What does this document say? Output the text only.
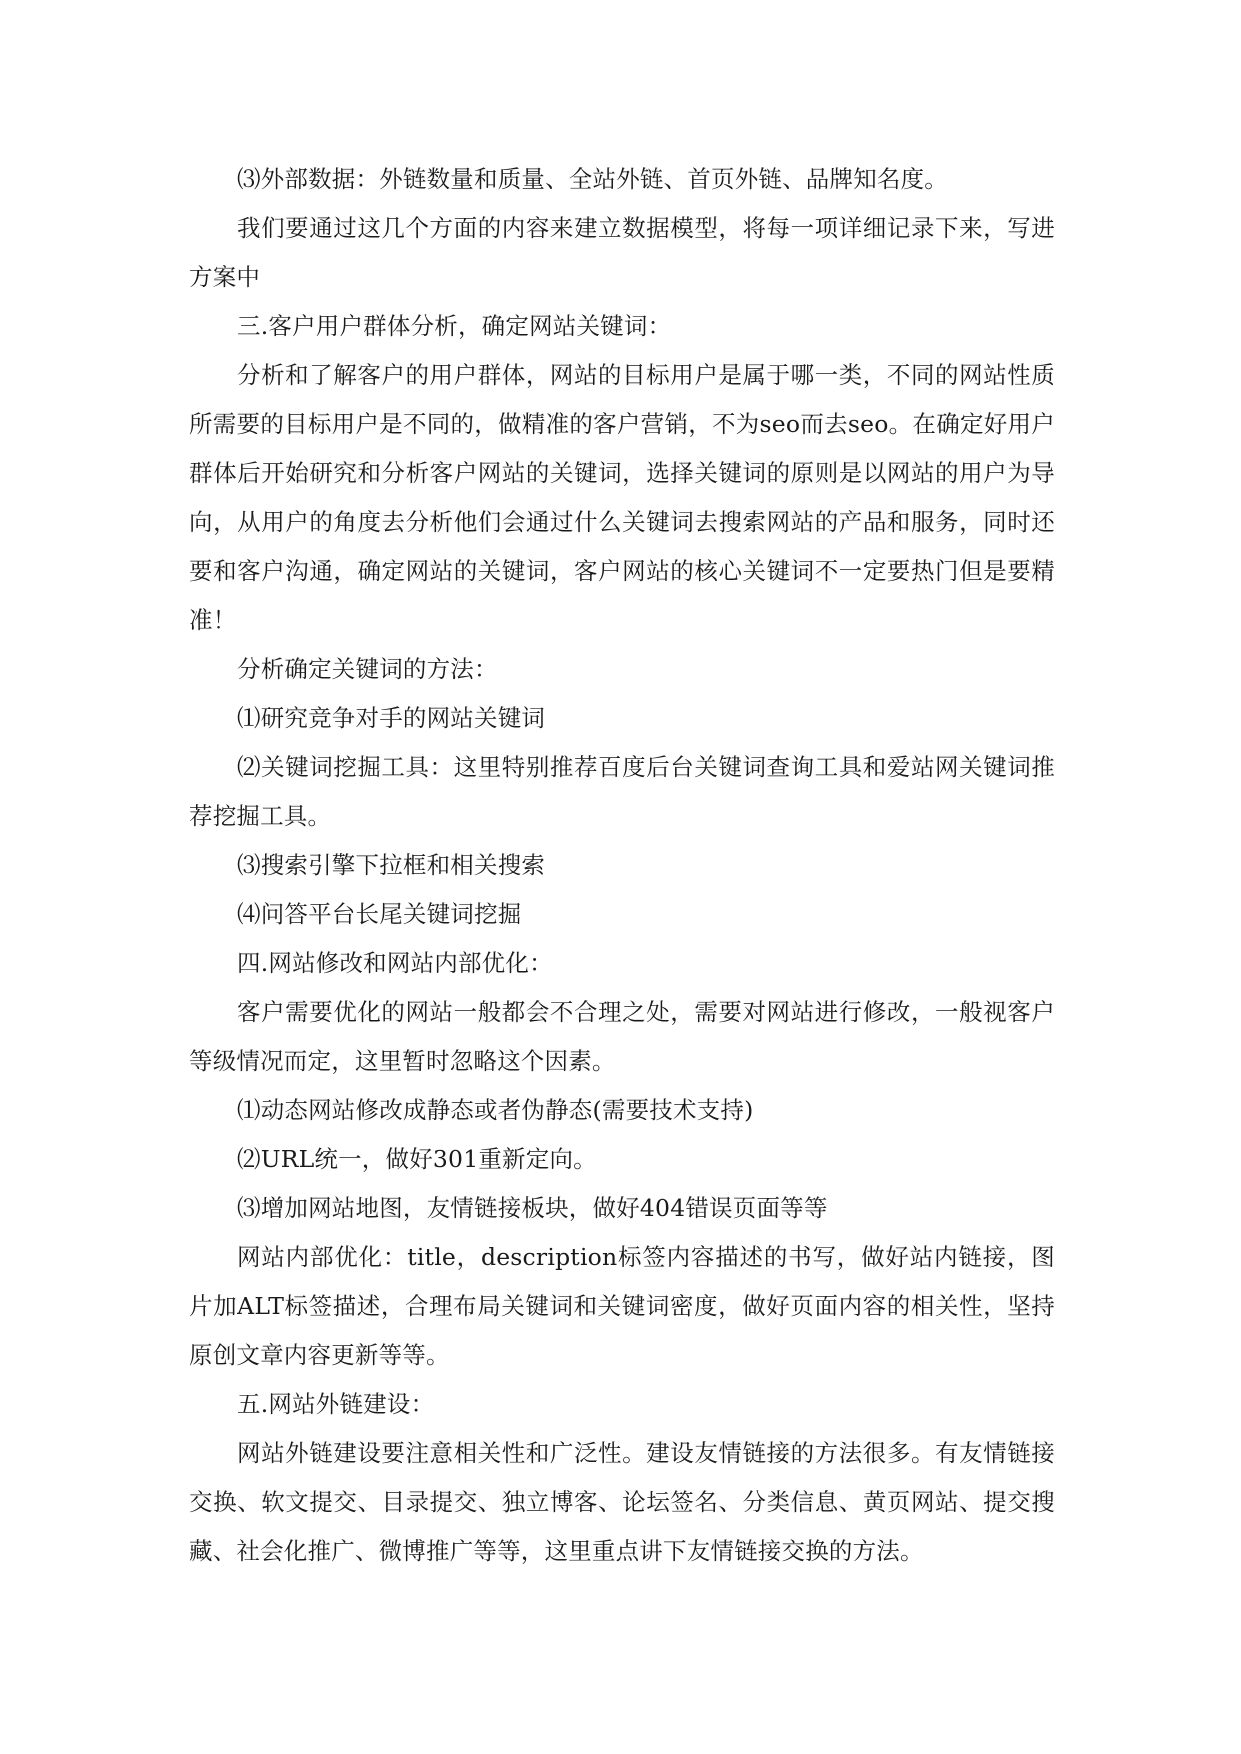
⑶外部数据：外链数量和质量、全站外链、首页外链、品牌知名度。

我们要通过这几个方面的内容来建立数据模型，将每一项详细记录下来，写进方案中

三.客户用户群体分析，确定网站关键词：

分析和了解客户的用户群体，网站的目标用户是属于哪一类，不同的网站性质所需要的目标用户是不同的，做精准的客户营销，不为seo而去seo。在确定好用户群体后开始研究和分析客户网站的关键词，选择关键词的原则是以网站的用户为导向，从用户的角度去分析他们会通过什么关键词去搜索网站的产品和服务，同时还要和客户沟通，确定网站的关键词，客户网站的核心关键词不一定要热门但是要精准！

分析确定关键词的方法：

⑴研究竞争对手的网站关键词

⑵关键词挖掘工具：这里特别推荐百度后台关键词查询工具和爱站网关键词推荐挖掘工具。

⑶搜索引擎下拉框和相关搜索

⑷问答平台长尾关键词挖掘

四.网站修改和网站内部优化：

客户需要优化的网站一般都会不合理之处，需要对网站进行修改，一般视客户等级情况而定，这里暂时忽略这个因素。

⑴动态网站修改成静态或者伪静态(需要技术支持)

⑵URL统一，做好301重新定向。

⑶增加网站地图，友情链接板块，做好404错误页面等等

网站内部优化：title，description标签内容描述的书写，做好站内链接，图片加ALT标签描述，合理布局关键词和关键词密度，做好页面内容的相关性，坚持原创文章内容更新等等。

五.网站外链建设：

网站外链建设要注意相关性和广泛性。建设友情链接的方法很多。有友情链接交换、软文提交、目录提交、独立博客、论坛签名、分类信息、黄页网站、提交搜藏、社会化推广、微博推广等等，这里重点讲下友情链接交换的方法。
